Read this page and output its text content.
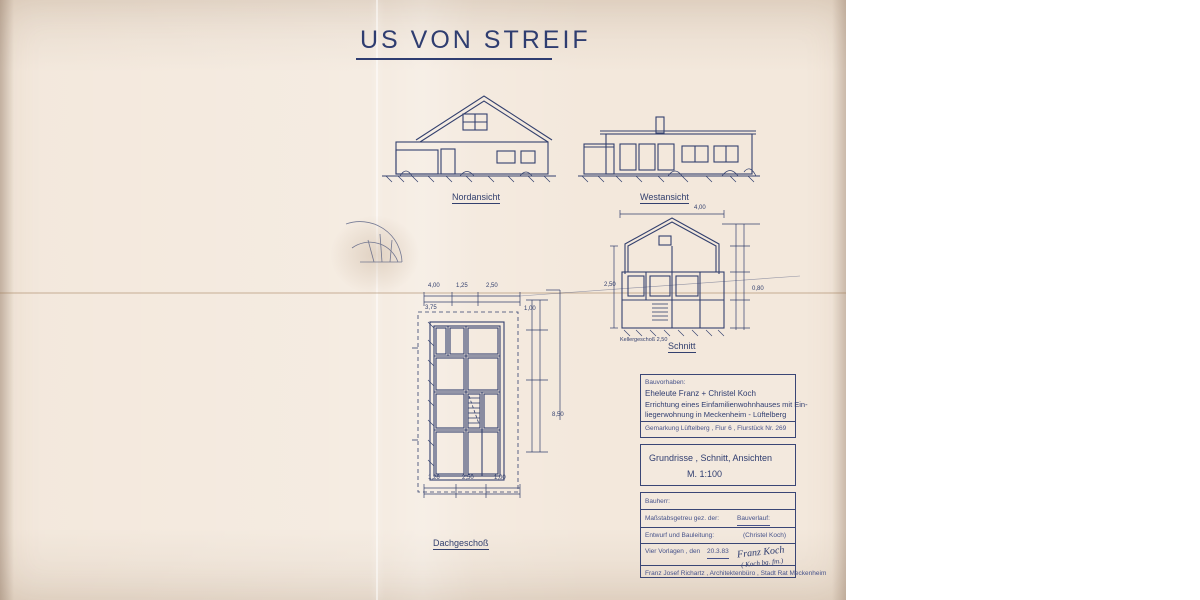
US VON STREIF
Nordansicht	Westansicht
Schnitt
Dachgeschoß
4,00	1,25	2,50
3,75	1,00
8,50
1,26	2,50	1,00
4,00
2,50
0,80
Kellergeschoß 2,50
Bauvorhaben:
Eheleute Franz + Christel Koch
Errichtung eines Einfamilienwohnhauses mit Ein-
liegerwohnung in Meckenheim - Lüftelberg
Gemarkung Lüftelberg , Flur 6 , Flurstück Nr. 269
Grundrisse , Schnitt, Ansichten
M. 1:100
Bauherr:
Maßstabsgetreu gez. der:	Bauverlauf:
Entwurf und Bauleitung:	(Christel Koch)
Vier Vorlagen , den 20.3.83 Franz Koch
( Koch bg. fm.)
Franz Josef Richartz , Architektenbüro , Stadt Rat Meckenheim
